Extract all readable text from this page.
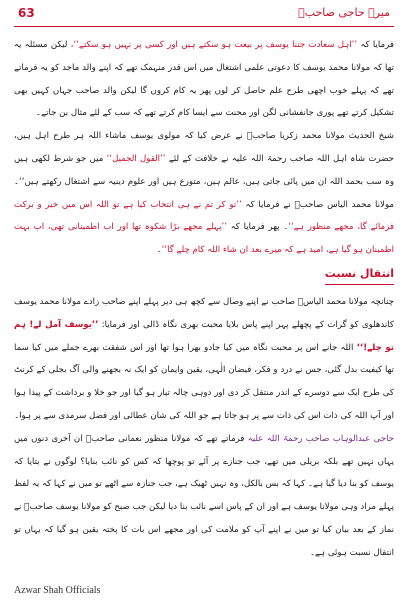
63	میرے حاجی صاحبؒ

فرمایا کہ ’’اہل سعادت جتنا یوسف پر بیعت ہو سکتے ہیں اور کسی پر نہیں ہو سکتے‘‘، لیکن مسئلہ یہ تھا کہ مولانا محمد یوسف کا دعوتی علمی اشتغال میں اس قدر منہمک تھے کہ اپنے والد ماجد کو یہ فرماتے تھے کہ پہلے خوب اچھی طرح علم حاصل کر لوں پھر یہ کام کروں گا لیکن والد صاحب جہاں کہیں بھی تشکیل کرتے تھے پوری جانفشانی لگن اور محنت سے ایسا کام کرتے تھے کہ سب کے لئے مثال بن جاتے۔

شیخ الحدیث مولانا محمد زکریا صاحبؒ نے عرض کیا کہ مولوی یوسف ماشاء اللہ ہر طرح اہل ہیں، حضرت شاہ اہل اللہ صاحب رحمۃ اللہ علیہ نے خلافت کے لئے ’’القول الجمیل‘‘ میں جو شرط لکھی ہیں وہ سب بحمد اللہ ان میں پائی جاتی ہیں، عالم ہیں، متورع ہیں اور علوم دینیہ سے اشتغال رکھتے ہیں‘‘۔ مولانا محمد الیاس صاحبؒ نے فرمایا کہ ’’تو کر تم نے ہی انتخاب کیا ہے تو اللہ اس میں خیر و برکت فرمائے گا، مجھے منظور ہے‘‘۔ پھر فرمایا کہ ’’پہلے مجھے بڑا شکوہ تھا اور اب اطمینانی تھی، اب بہت اطمینان ہو گیا ہے، امید ہے کہ میرے بعد ان شاء اللہ کام چلے گا‘‘۔

انتقال نسبت

چنانچہ مولانا محمد الیاسؒ صاحب نے اپنے وصال سے کچھ ہی دیر پہلے اپنے صاحب زادے مولانا محمد یوسف کاندھلوی کو گرات کے پچھلے پہر اپنے پاس بلایا محبت بھری نگاہ ڈالی اور فرمایا: ’’یوسف آمل لے! ہم تو چلے!‘‘ اللہ جانے اس پر محبت نگاہ میں کیا جادو بھرا ہوا تھا اور اس شفقت بھرے جملے میں کیا سما تھا کیفیت بدل گئی، جس نے درد و فکر، فیضان الٰہی، یقین وایمان کو ایک نہ بجھنے والی آگ بجلی کے کرنٹ کی طرح ایک سے دوسرے کے اندر منتقل کر دی اور دوہی چالہ تیار ہو گیا اور جو خلا و برداشت کے پیدا ہوا اور آپ اللہ کی ذات اس کی ذات سے پر ہو جاتا ہے جو اللہ کی شان عطائی اور فضل سرمدی سے پر ہوا۔

حاجی عبدالوہاب صاحب رحمۃ اللہ علیہ فرماتے تھے کہ مولانا منظور نعمانی صاحبؒ ان آخری دنوں میں یہاں نہیں تھے بلکہ بریلی میں تھے، جب جنازے پر آئے تو پوچھا کہ کس کو نائب بنایا؟ لوگوں نے بتایا کہ یوسف کو بنا دیا گیا ہے۔ کہا کہ بس بالکل، وہ نہیں ٹھیک ہے، جب جنازہ سے اٹھے تو میں نے کہا کہ یہ لفظ پہلے مراد وہی مولانا یوسف ہے اور ان کے پاس اسے نائب بنا دیا لیکن جب صبح کو مولانا یوسف صاحبؒ نے نماز کے بعد بیان کیا تو میں نے اپنے آپ کو ملامت کی اور مجھے اس بات کا پختہ یقین ہو گیا کہ یہاں تو انتقال نسبت ہوئی ہے۔

Azwar Shah Officials
